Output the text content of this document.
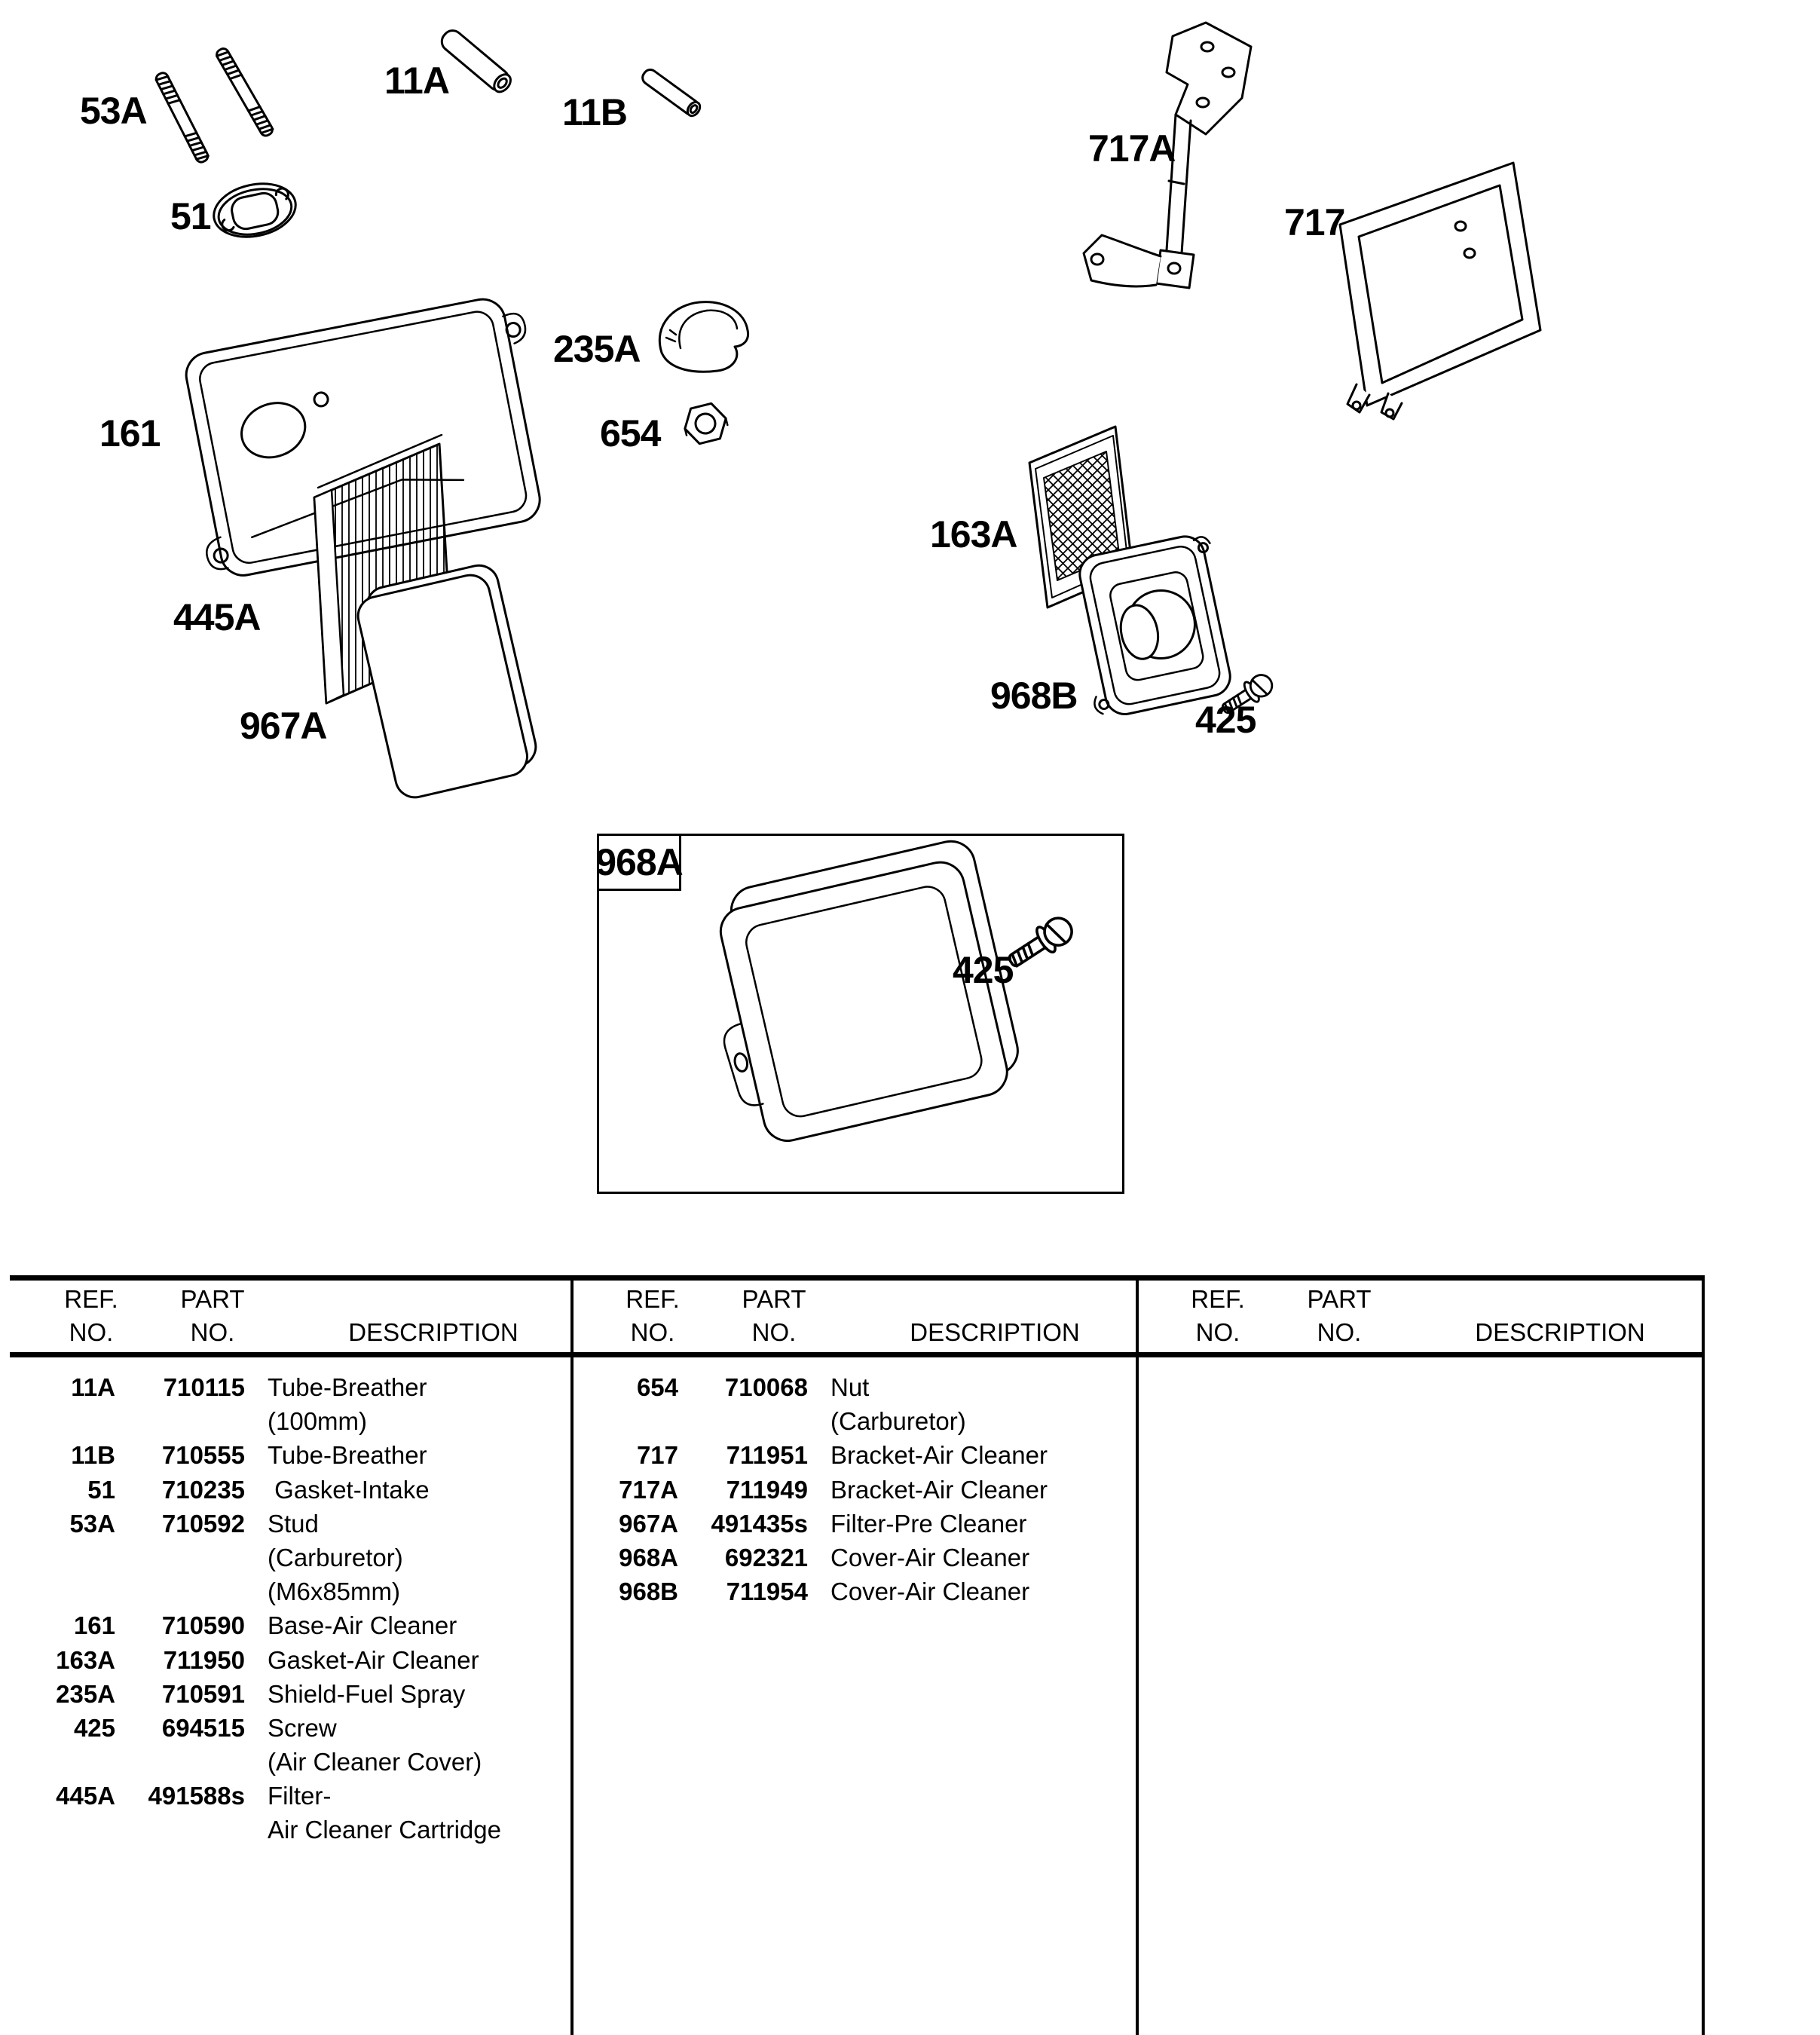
968A
53A
11A
11B
51
717A
717
235A
654
161
163A
445A
968B
425
967A
425
REF.
NO.
PART
NO.	DESCRIPTION
REF.
NO.
PART
NO.	DESCRIPTION
REF.
NO.
PART
NO.	DESCRIPTION
11A	710115 Tube-Breather
(100mm)
11B	710555 Tube-Breather
51	710235 Gasket-Intake
53A	710592 Stud
(Carburetor)
(M6x85mm)
161	710590 Base-Air Cleaner
163A	711950 Gasket-Air Cleaner
235A	710591 Shield-Fuel Spray
425	694515 Screw
(Air Cleaner Cover)
445A	491588s Filter-
Air Cleaner Cartridge
654	710068 Nut
(Carburetor)
717	711951 Bracket-Air Cleaner
717A	711949 Bracket-Air Cleaner
967A	491435s Filter-Pre Cleaner
968A	692321 Cover-Air Cleaner
968B	711954 Cover-Air Cleaner
